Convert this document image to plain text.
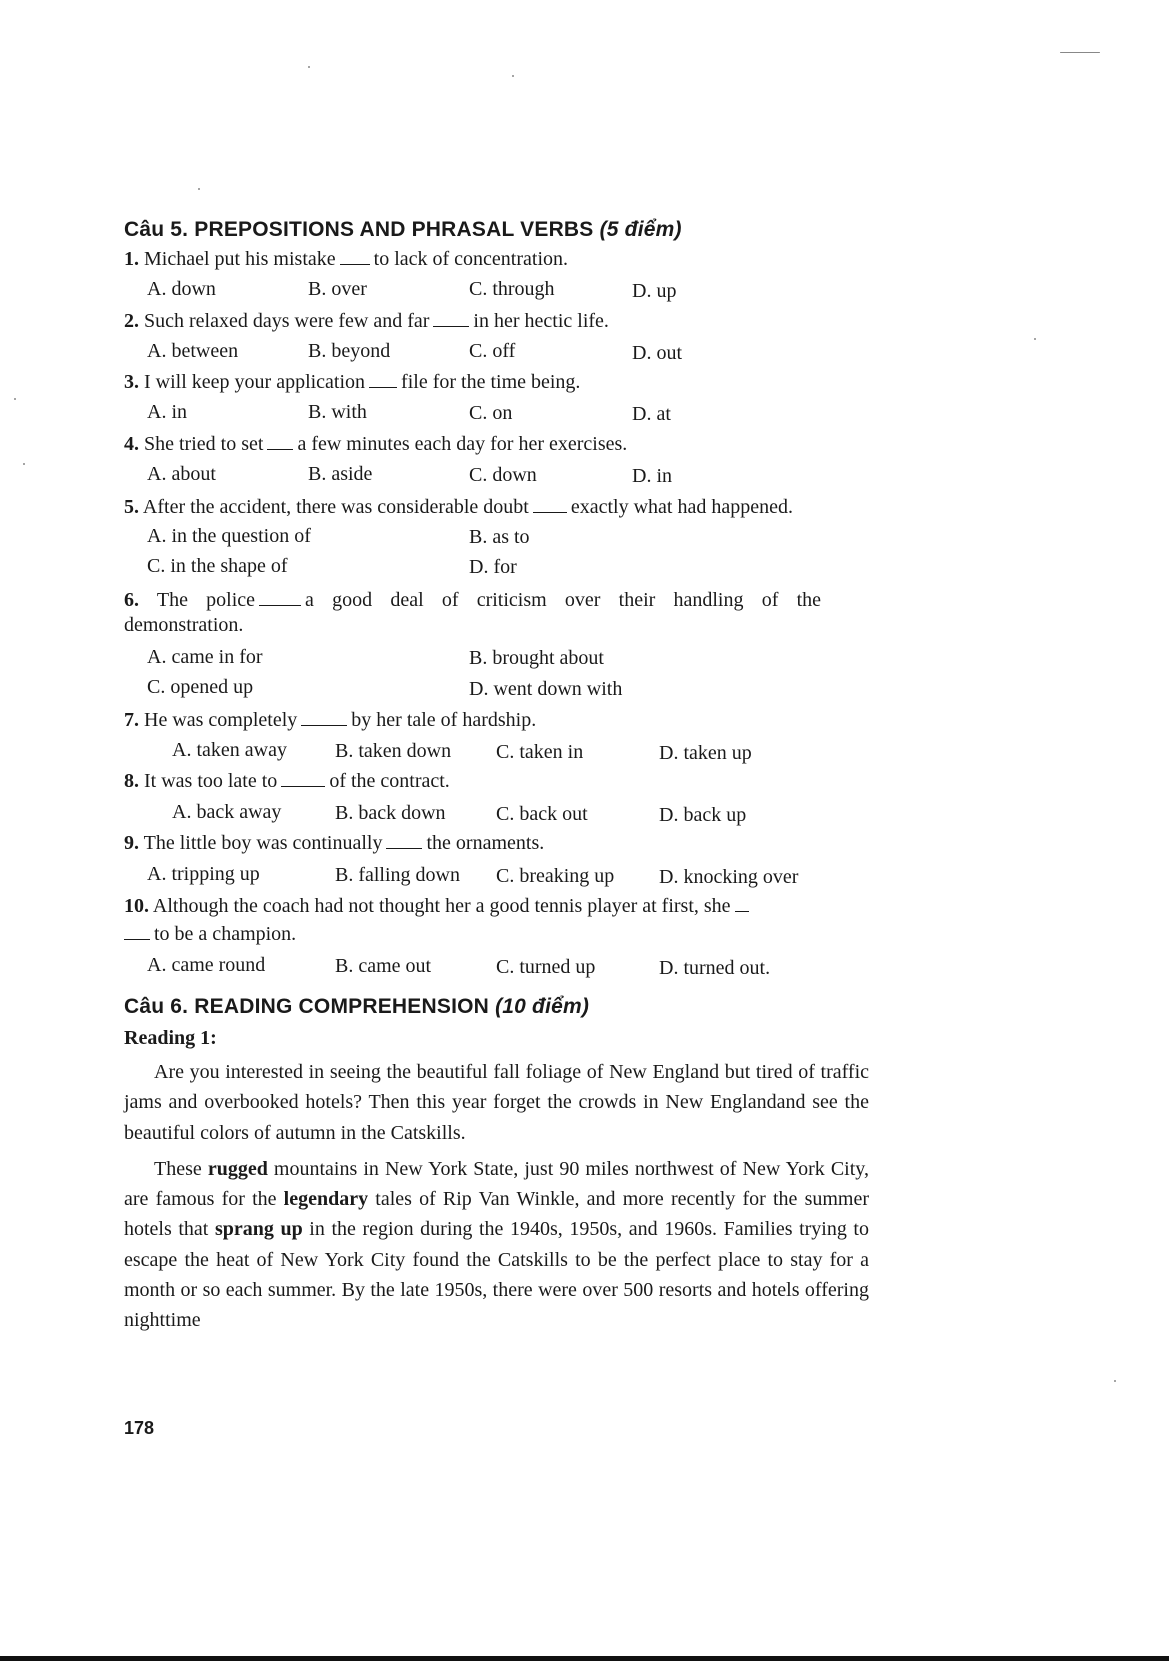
Câu 5. PREPOSITIONS AND PHRASAL VERBS (5 điểm)
1. Michael put his mistake to lack of concentration.
A. down	B. over	C. through	D. up
2. Such relaxed days were few and far in her hectic life.
A. between	B. beyond	C. off	D. out
3. I will keep your application file for the time being.
A. in	B. with	C. on	D. at
4. She tried to set a few minutes each day for her exercises.
A. about	B. aside	C. down	D. in
5. After the accident, there was considerable doubt exactly what had happened.
A. in the question of	B. as to
C. in the shape of	D. for
6. The police	a good deal of criticism over their handling of the
demonstration.
A. came in for	B. brought about
C. opened up	D. went down with
7. He was completely	by her tale of hardship.
A. taken away B. taken down C. taken in	D. taken up
8. It was too late to	of the contract.
A. back away	B. back down	C. back out	D. back up
9. The little boy was continually the ornaments.
A. tripping up	B. falling down C. breaking up D. knocking over
10. Although the coach had not thought her a good tennis player at first, she
to be a champion.
A. came round	B. came out	C. turned up	D. turned out.
Câu 6. READING COMPREHENSION (10 điểm)
Reading 1:

Are you interested in seeing the beautiful fall foliage of New England but tired of traffic jams and overbooked hotels? Then this year forget the crowds in New Englandand see the beautiful colors of autumn in the Catskills.

These rugged mountains in New York State, just 90 miles northwest of New York City, are famous for the legendary tales of Rip Van Winkle, and more recently for the summer hotels that sprang up in the region during the 1940s, 1950s, and 1960s. Families trying to escape the heat of New York City found the Catskills to be the perfect place to stay for a month or so each summer. By the late 1950s, there were over 500 resorts and hotels offering nighttime

178
